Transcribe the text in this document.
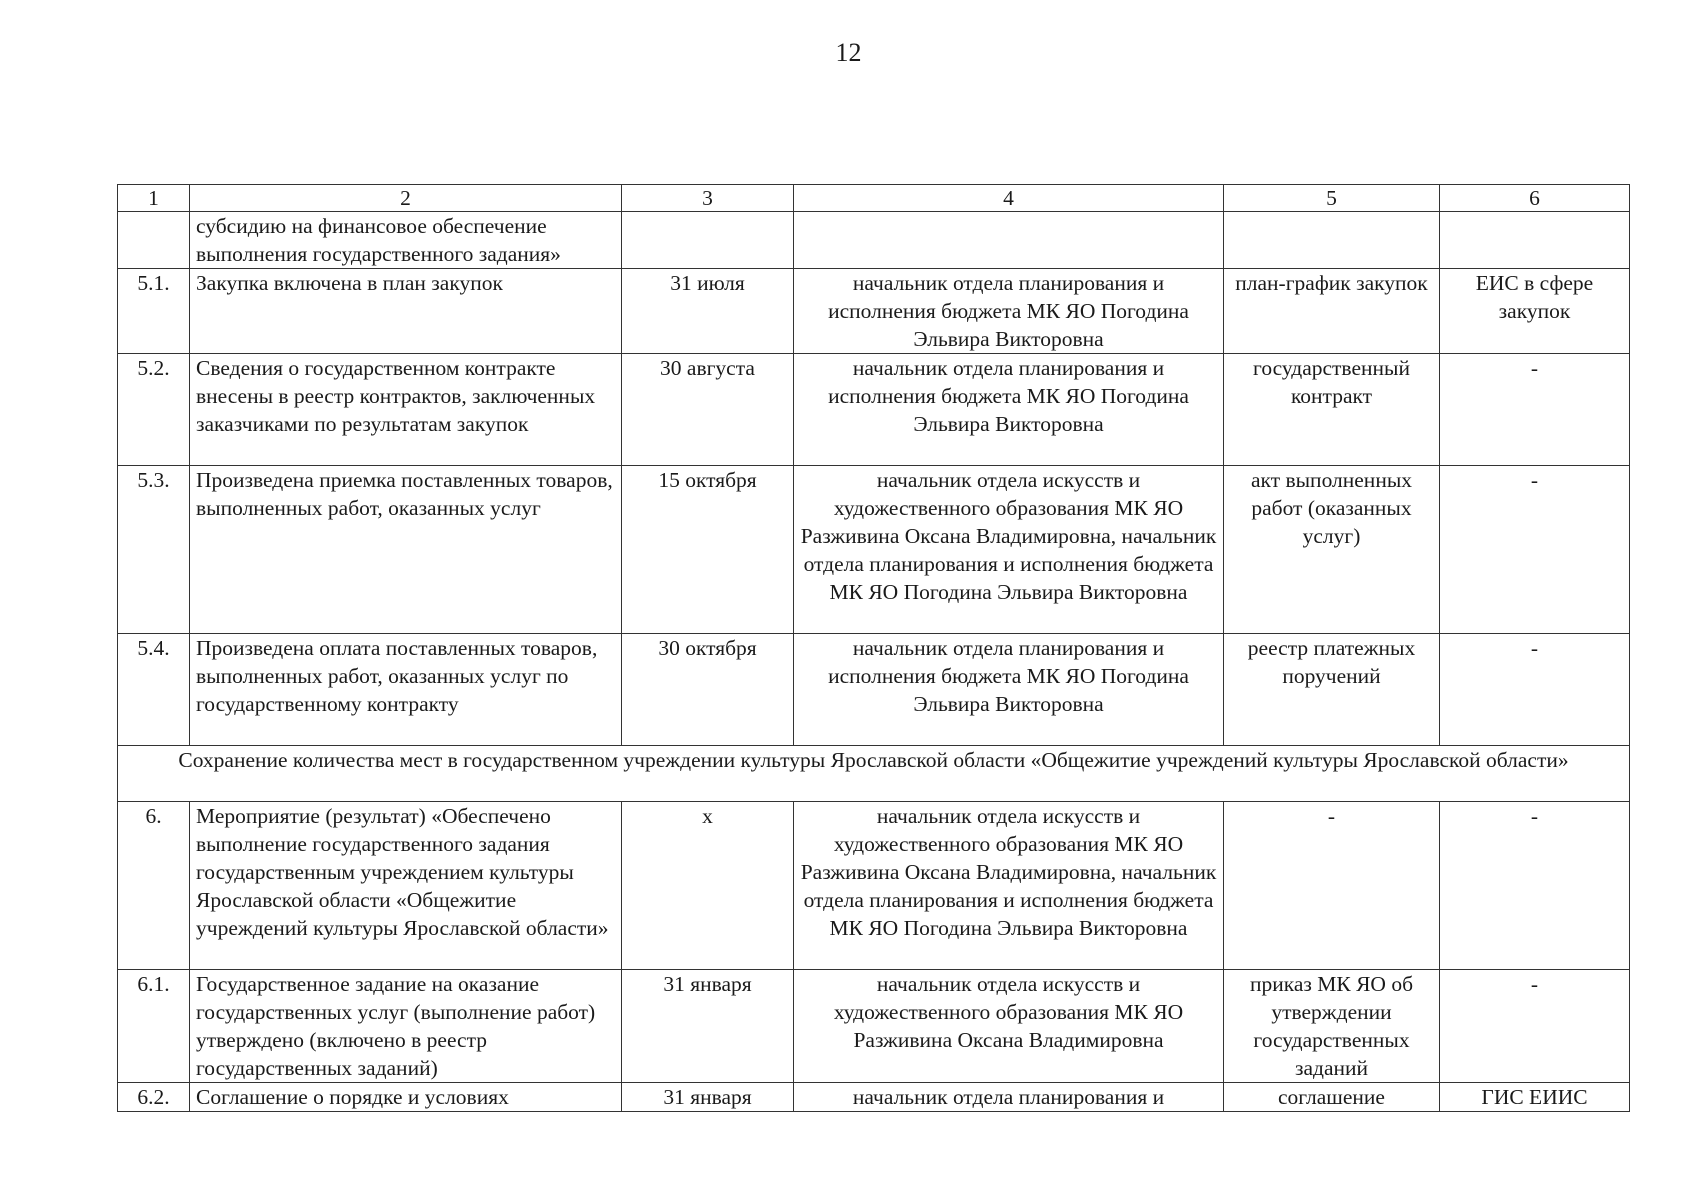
12
1	2	3	4	5	6
	субсидию на финансовое обеспечение выполнения государственного задания»				
5.1.	Закупка включена в план закупок	31 июля	начальник отдела планирования и исполнения бюджета МК ЯО Погодина Эльвира Викторовна	план-график закупок	ЕИС в сфере закупок
5.2.	Сведения о государственном контракте внесены в реестр контрактов, заключенных заказчиками по результатам закупок	30 августа	начальник отдела планирования и исполнения бюджета МК ЯО Погодина Эльвира Викторовна	государственный контракт	-
5.3.	Произведена приемка поставленных товаров, выполненных работ, оказанных услуг	15 октября	начальник отдела искусств и художественного образования МК ЯО Разживина Оксана Владимировна, начальник отдела планирования и исполнения бюджета МК ЯО Погодина Эльвира Викторовна	акт выполненных работ (оказанных услуг)	-
5.4.	Произведена оплата поставленных товаров, выполненных работ, оказанных услуг по государственному контракту	30 октября	начальник отдела планирования и исполнения бюджета МК ЯО Погодина Эльвира Викторовна	реестр платежных поручений	-
Сохранение количества мест в государственном учреждении культуры Ярославской области «Общежитие учреждений культуры Ярославской области»					
6.	Мероприятие (результат) «Обеспечено выполнение государственного задания государственным учреждением культуры Ярославской области «Общежитие учреждений культуры Ярославской области»	х	начальник отдела искусств и художественного образования МК ЯО Разживина Оксана Владимировна, начальник отдела планирования и исполнения бюджета МК ЯО Погодина Эльвира Викторовна	-	-
6.1.	Государственное задание на оказание государственных услуг (выполнение работ) утверждено (включено в реестр государственных заданий)	31 января	начальник отдела искусств и художественного образования МК ЯО Разживина Оксана Владимировна	приказ МК ЯО об утверждении государственных заданий	-
6.2.	Соглашение о порядке и условиях	31 января	начальник отдела планирования и	соглашение	ГИС ЕИИС
